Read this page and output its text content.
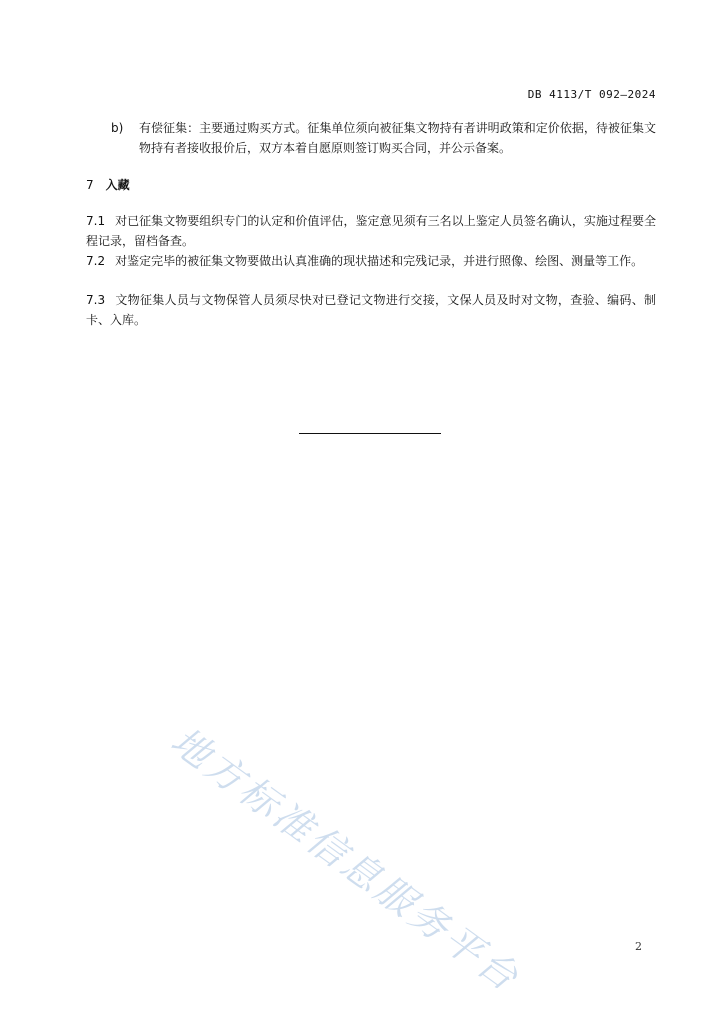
DB 4113/T 092—2024
b)	有偿征集：主要通过购买方式。征集单位须向被征集文物持有者讲明政策和定价依据，待被征集文物持有者接收报价后，双方本着自愿原则签订购买合同，并公示备案。
7 入藏
7.1 对已征集文物要组织专门的认定和价值评估，鉴定意见须有三名以上鉴定人员签名确认，实施过程要全程记录，留档备查。
7.2 对鉴定完毕的被征集文物要做出认真准确的现状描述和完残记录，并进行照像、绘图、测量等工作。
7.3 文物征集人员与文物保管人员须尽快对已登记文物进行交接，文保人员及时对文物，查验、编码、制卡、入库。
地方标准信息服务平台	2
